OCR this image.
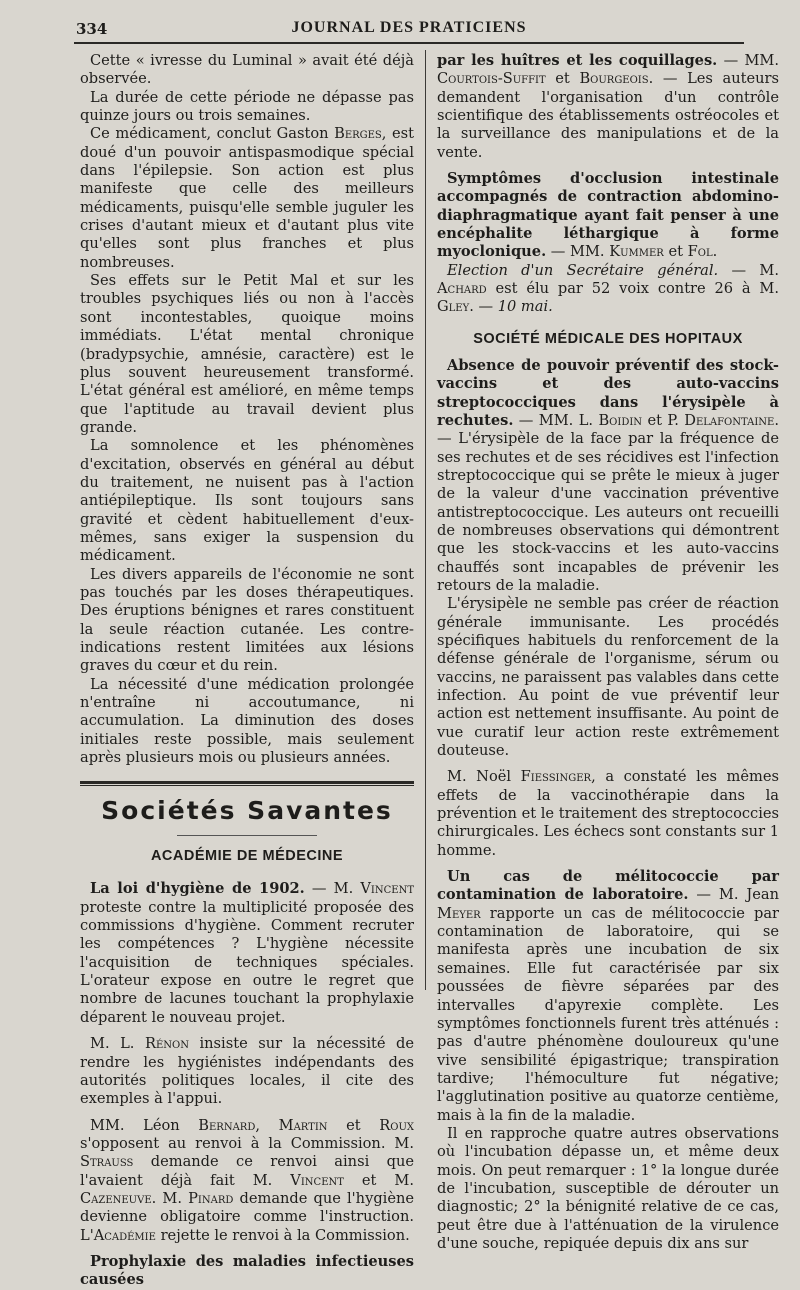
334	JOURNAL DES PRATICIENS

Cette « ivresse du Luminal » avait été déjà observée.

La durée de cette période ne dépasse pas quinze jours ou trois semaines.

Ce médicament, conclut Gaston Berges, est doué d'un pouvoir antispasmodique spécial dans l'épilepsie. Son action est plus manifeste que celle des meilleurs médicaments, puisqu'elle semble juguler les crises d'autant mieux et d'autant plus vite qu'elles sont plus franches et plus nombreuses.

Ses effets sur le Petit Mal et sur les troubles psychiques liés ou non à l'accès sont incontestables, quoique moins immédiats. L'état mental chronique (bradypsychie, amnésie, caractère) est le plus souvent heureusement transformé. L'état général est amélioré, en même temps que l'aptitude au travail devient plus grande.

La somnolence et les phénomènes d'excitation, observés en général au début du traitement, ne nuisent pas à l'action antiépileptique. Ils sont toujours sans gravité et cèdent habituellement d'eux-mêmes, sans exiger la suspension du médicament.

Les divers appareils de l'économie ne sont pas touchés par les doses thérapeutiques. Des éruptions bénignes et rares constituent la seule réaction cutanée. Les contre-indications restent limitées aux lésions graves du cœur et du rein.

La nécessité d'une médication prolongée n'entraîne ni accoutumance, ni accumulation. La diminution des doses initiales reste possible, mais seulement après plusieurs mois ou plusieurs années.

Sociétés Savantes
ACADÉMIE DE MÉDECINE

La loi d'hygiène de 1902. — M. Vincent proteste contre la multiplicité proposée des commissions d'hygiène. Comment recruter les compétences ? L'hygiène nécessite l'acquisition de techniques spéciales. L'orateur expose en outre le regret que nombre de lacunes touchant la prophylaxie déparent le nouveau projet.

M. L. Rénon insiste sur la nécessité de rendre les hygiénistes indépendants des autorités politiques locales, il cite des exemples à l'appui.

MM. Léon Bernard, Martin et Roux s'opposent au renvoi à la Commission. M. Strauss demande ce renvoi ainsi que l'avaient déjà fait M. Vincent et M. Cazeneuve. M. Pinard demande que l'hygiène devienne obligatoire comme l'instruction. L'Académie rejette le renvoi à la Commission.

Prophylaxie des maladies infectieuses causées

par les huîtres et les coquillages. — MM. Courtois-Suffit et Bourgeois. — Les auteurs demandent l'organisation d'un contrôle scientifique des établissements ostréocoles et la surveillance des manipulations et de la vente.

Symptômes d'occlusion intestinale accompagnés de contraction abdomino-diaphragmatique ayant fait penser à une encéphalite léthargique à forme myoclonique. — MM. Kummer et Fol.

Election d'un Secrétaire général. — M. Achard est élu par 52 voix contre 26 à M. Gley. — 10 mai.

SOCIÉTÉ MÉDICALE DES HOPITAUX

Absence de pouvoir préventif des stock-vaccins et des auto-vaccins streptococciques dans l'érysipèle à rechutes. — MM. L. Boidin et P. Delafontaine. — L'érysipèle de la face par la fréquence de ses rechutes et de ses récidives est l'infection streptococcique qui se prête le mieux à juger de la valeur d'une vaccination préventive antistreptococcique. Les auteurs ont recueilli de nombreuses observations qui démontrent que les stock-vaccins et les auto-vaccins chauffés sont incapables de prévenir les retours de la maladie.

L'érysipèle ne semble pas créer de réaction générale immunisante. Les procédés spécifiques habituels du renforcement de la défense générale de l'organisme, sérum ou vaccins, ne paraissent pas valables dans cette infection. Au point de vue préventif leur action est nettement insuffisante. Au point de vue curatif leur action reste extrêmement douteuse.

M. Noël Fiessinger, a constaté les mêmes effets de la vaccinothérapie dans la prévention et le traitement des streptococcies chirurgicales. Les échecs sont constants sur 1 homme.

Un cas de mélitococcie par contamination de laboratoire. — M. Jean Meyer rapporte un cas de mélitococcie par contamination de laboratoire, qui se manifesta après une incubation de six semaines. Elle fut caractérisée par six poussées de fièvre séparées par des intervalles d'apyrexie complète. Les symptômes fonctionnels furent très atténués : pas d'autre phénomène douloureux qu'une vive sensibilité épigastrique; transpiration tardive; l'hémoculture fut négative; l'agglutination positive au quatorze centième, mais à la fin de la maladie.

Il en rapproche quatre autres observations où l'incubation dépasse un, et même deux mois. On peut remarquer : 1° la longue durée de l'incubation, susceptible de dérouter un diagnostic; 2° la bénignité relative de ce cas, peut être due à l'atténuation de la virulence d'une souche, repiquée depuis dix ans sur
